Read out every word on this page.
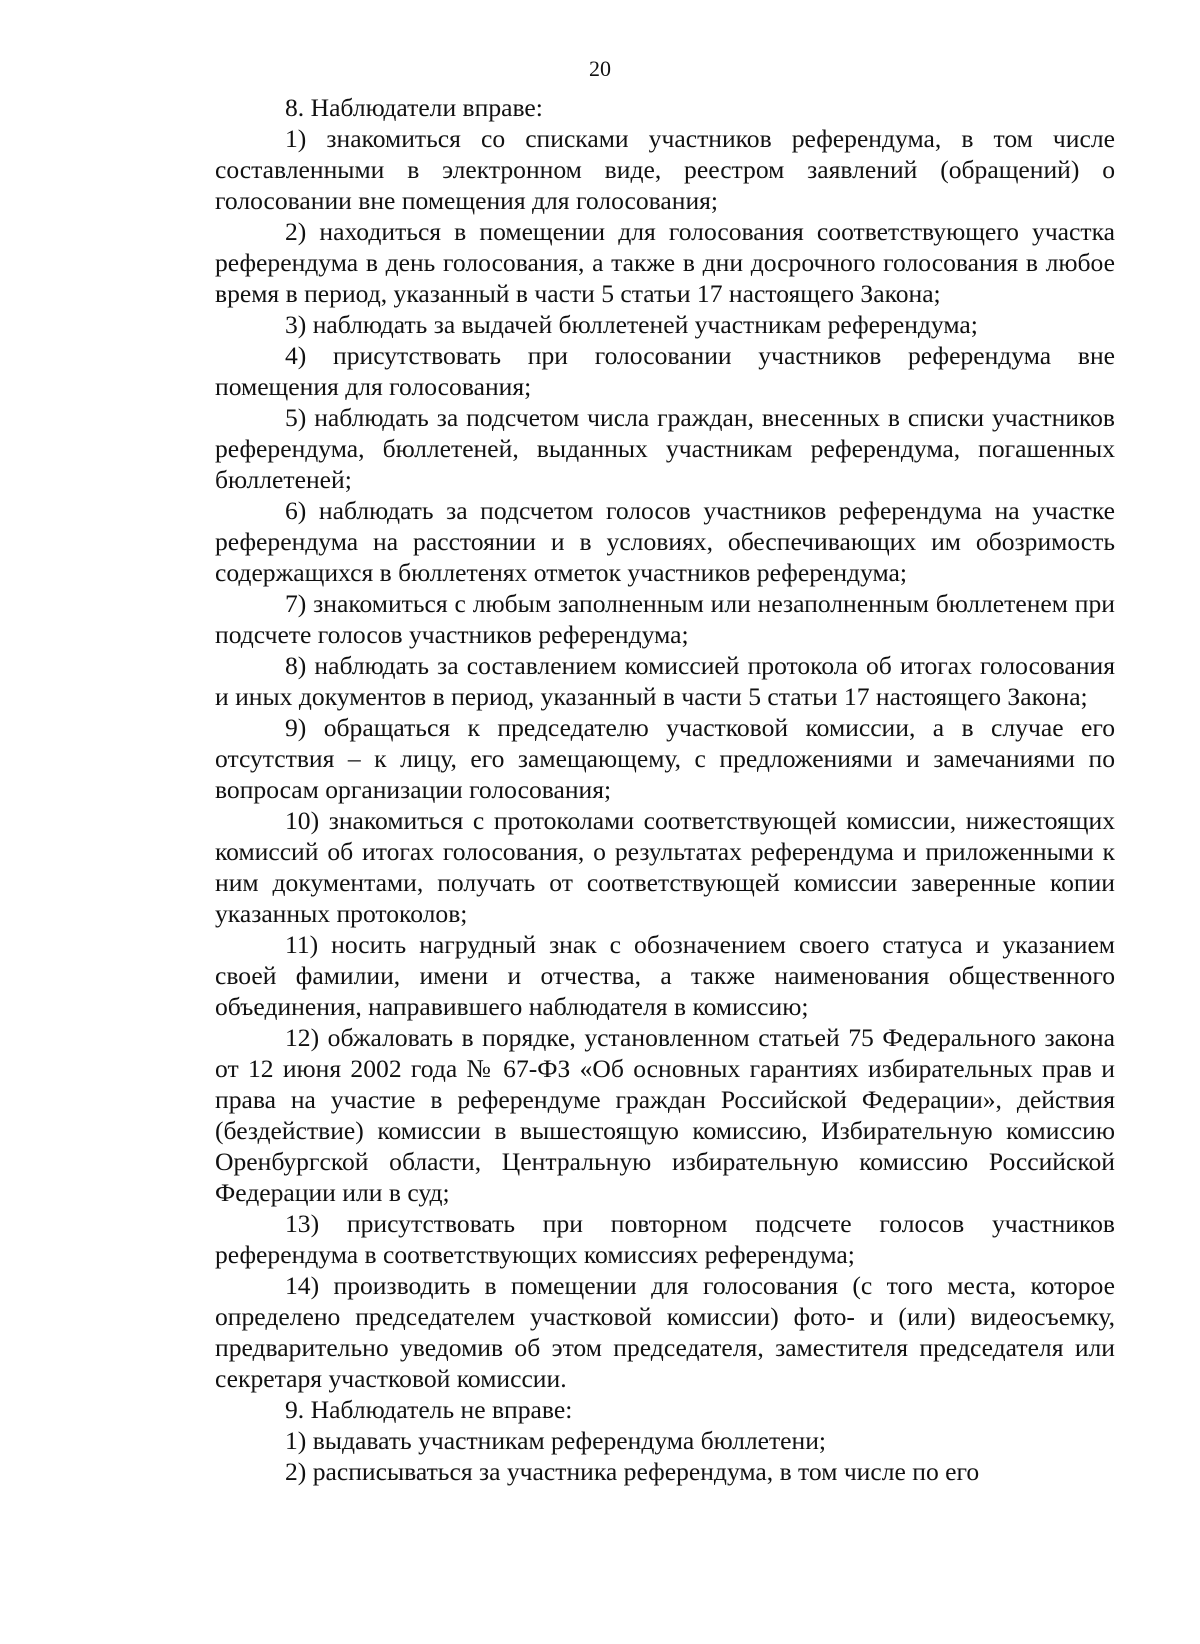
20

8. Наблюдатели вправе:

1) знакомиться со списками участников референдума, в том числе составленными в электронном виде, реестром заявлений (обращений) о голосовании вне помещения для голосования;

2) находиться в помещении для голосования соответствующего участка референдума в день голосования, а также в дни досрочного голосования в любое время в период, указанный в части 5 статьи 17 настоящего Закона;

3) наблюдать за выдачей бюллетеней участникам референдума;

4) присутствовать при голосовании участников референдума вне помещения для голосования;

5) наблюдать за подсчетом числа граждан, внесенных в списки участников референдума, бюллетеней, выданных участникам референдума, погашенных бюллетеней;

6) наблюдать за подсчетом голосов участников референдума на участке референдума на расстоянии и в условиях, обеспечивающих им обозримость содержащихся в бюллетенях отметок участников референдума;

7) знакомиться с любым заполненным или незаполненным бюллетенем при подсчете голосов участников референдума;

8) наблюдать за составлением комиссией протокола об итогах голосования и иных документов в период, указанный в части 5 статьи 17 настоящего Закона;

9) обращаться к председателю участковой комиссии, а в случае его отсутствия – к лицу, его замещающему, с предложениями и замечаниями по вопросам организации голосования;

10) знакомиться с протоколами соответствующей комиссии, нижестоящих комиссий об итогах голосования, о результатах референдума и приложенными к ним документами, получать от соответствующей комиссии заверенные копии указанных протоколов;

11) носить нагрудный знак с обозначением своего статуса и указанием своей фамилии, имени и отчества, а также наименования общественного объединения, направившего наблюдателя в комиссию;

12) обжаловать в порядке, установленном статьей 75 Федерального закона от 12 июня 2002 года № 67-ФЗ «Об основных гарантиях избирательных прав и права на участие в референдуме граждан Российской Федерации», действия (бездействие) комиссии в вышестоящую комиссию, Избирательную комиссию Оренбургской области, Центральную избирательную комиссию Российской Федерации или в суд;

13) присутствовать при повторном подсчете голосов участников референдума в соответствующих комиссиях референдума;

14) производить в помещении для голосования (с того места, которое определено председателем участковой комиссии) фото- и (или) видеосъемку, предварительно уведомив об этом председателя, заместителя председателя или секретаря участковой комиссии.

9. Наблюдатель не вправе:

1) выдавать участникам референдума бюллетени;

2) расписываться за участника референдума, в том числе по его
